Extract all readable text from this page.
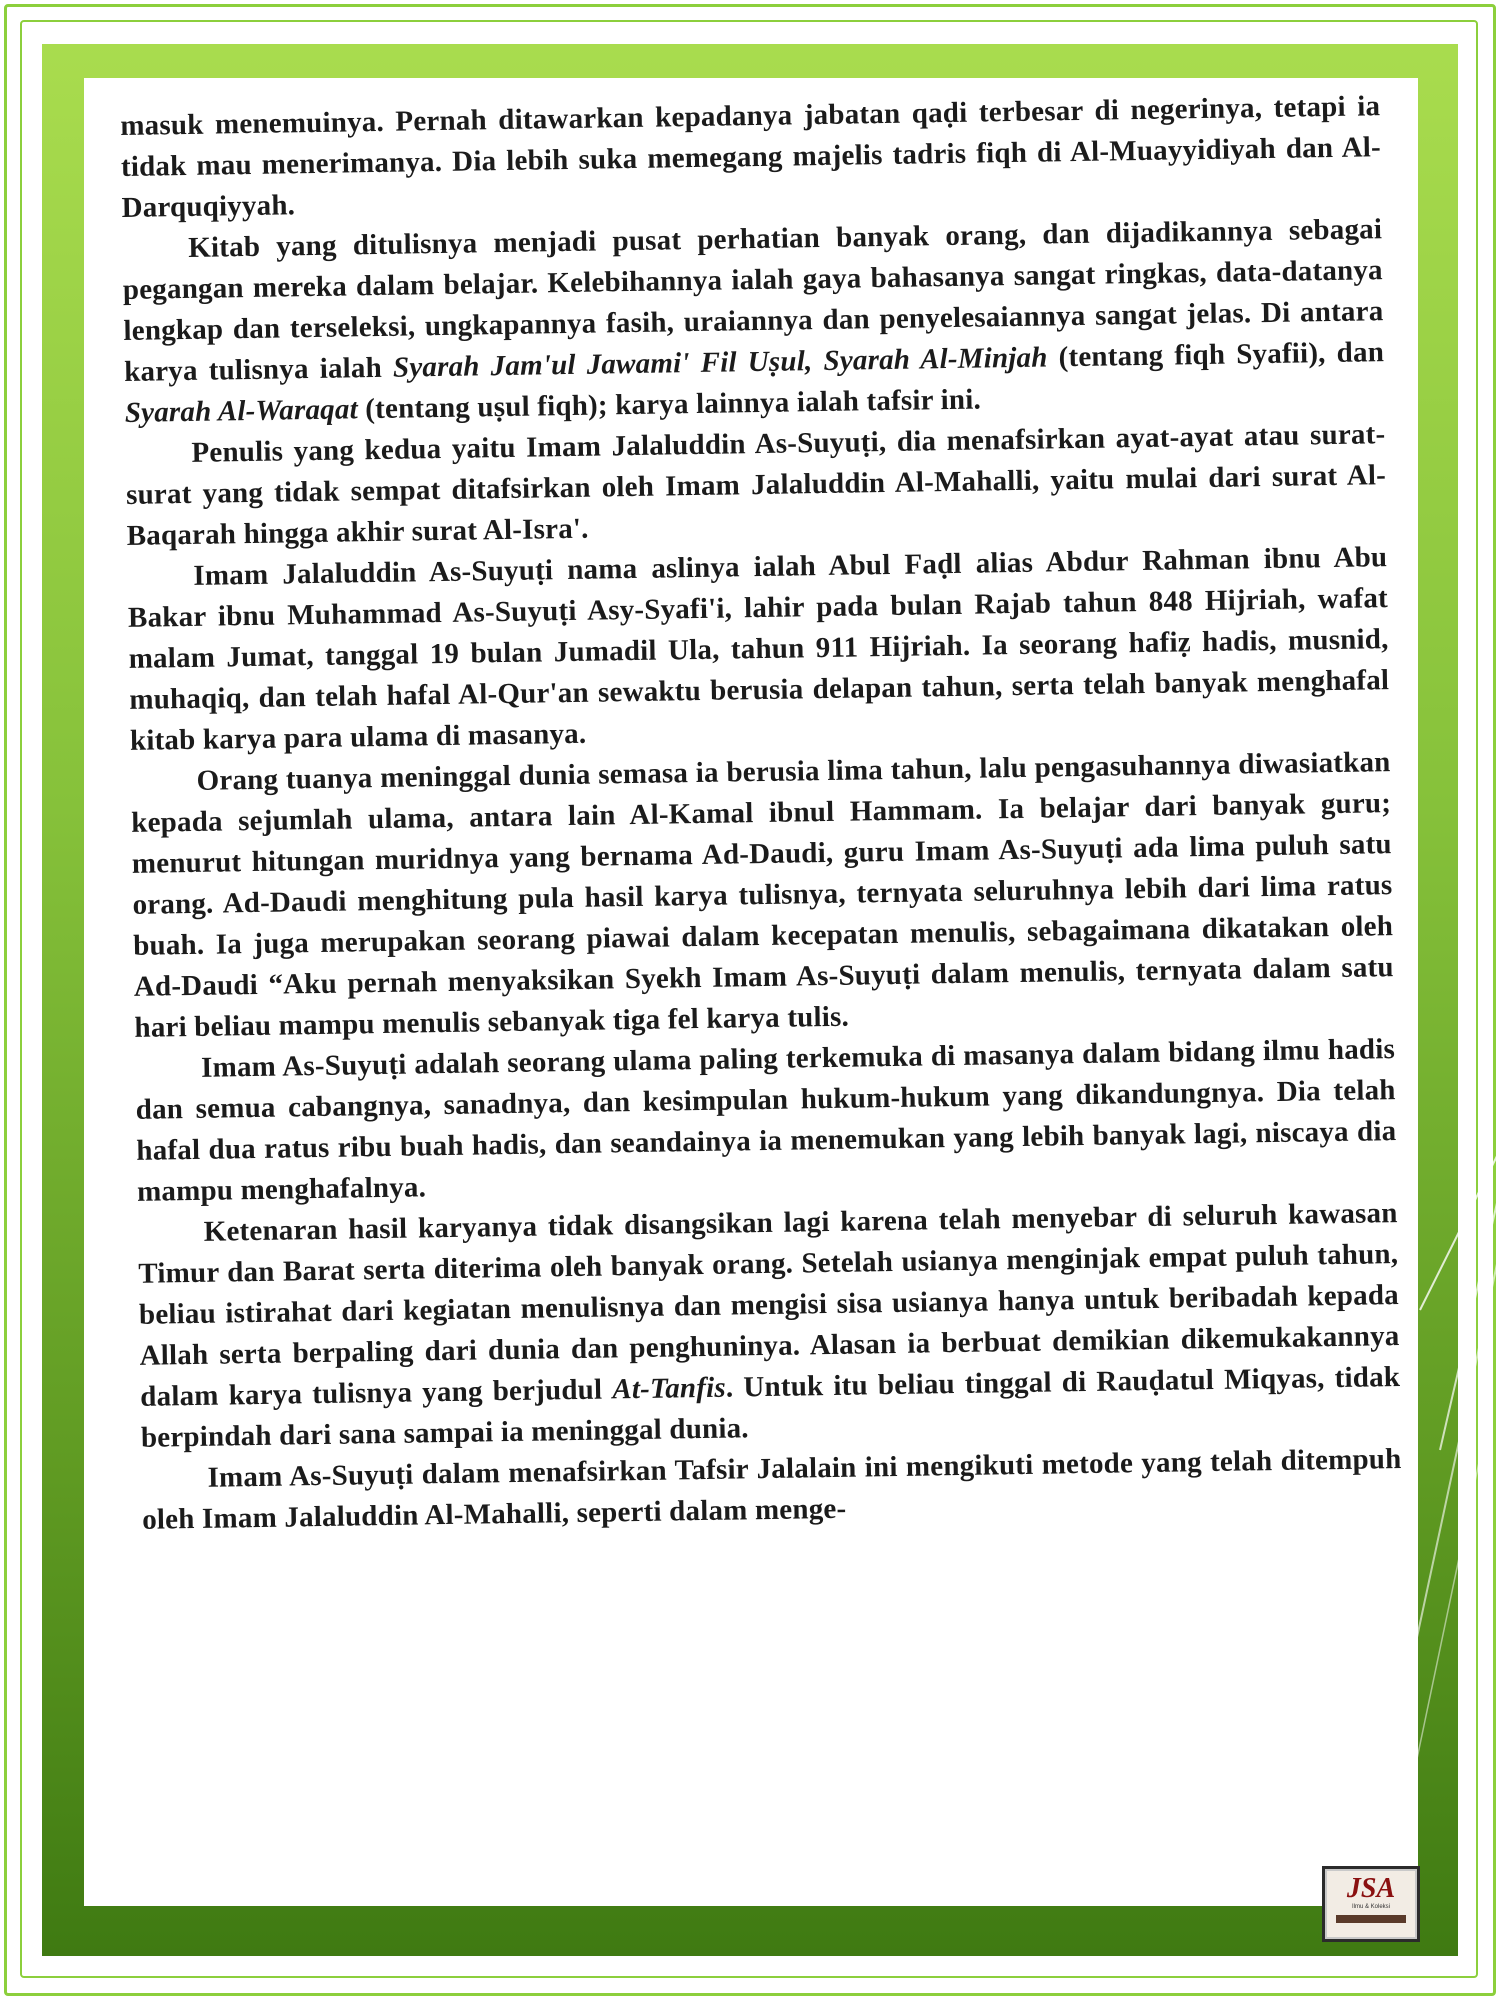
masuk menemuinya. Pernah ditawarkan kepadanya jabatan qaḍi terbesar di negerinya, tetapi ia tidak mau menerimanya. Dia lebih suka memegang majelis tadris fiqh di Al-Muayyidiyah dan Al-Darquqiyyah.

Kitab yang ditulisnya menjadi pusat perhatian banyak orang, dan dijadikannya sebagai pegangan mereka dalam belajar. Kelebihannya ialah gaya bahasanya sangat ringkas, data-datanya lengkap dan terseleksi, ungkapannya fasih, uraiannya dan penyelesaiannya sangat jelas. Di antara karya tulisnya ialah Syarah Jam'ul Jawami' Fil Uṣul, Syarah Al-Minjah (tentang fiqh Syafii), dan Syarah Al-Waraqat (tentang uṣul fiqh); karya lainnya ialah tafsir ini.

Penulis yang kedua yaitu Imam Jalaluddin As-Suyuṭi, dia menafsirkan ayat-ayat atau surat-surat yang tidak sempat ditafsirkan oleh Imam Jalaluddin Al-Mahalli, yaitu mulai dari surat Al-Baqarah hingga akhir surat Al-Isra'.

Imam Jalaluddin As-Suyuṭi nama aslinya ialah Abul Faḍl alias Abdur Rahman ibnu Abu Bakar ibnu Muhammad As-Suyuṭi Asy-Syafi'i, lahir pada bulan Rajab tahun 848 Hijriah, wafat malam Jumat, tanggal 19 bulan Jumadil Ula, tahun 911 Hijriah. Ia seorang hafiẓ hadis, musnid, muhaqiq, dan telah hafal Al-Qur'an sewaktu berusia delapan tahun, serta telah banyak menghafal kitab karya para ulama di masanya.

Orang tuanya meninggal dunia semasa ia berusia lima tahun, lalu pengasuhannya diwasiatkan kepada sejumlah ulama, antara lain Al-Kamal ibnul Hammam. Ia belajar dari banyak guru; menurut hitungan muridnya yang bernama Ad-Daudi, guru Imam As-Suyuṭi ada lima puluh satu orang. Ad-Daudi menghitung pula hasil karya tulisnya, ternyata seluruhnya lebih dari lima ratus buah. Ia juga merupakan seorang piawai dalam kecepatan menulis, sebagaimana dikatakan oleh Ad-Daudi “Aku pernah menyaksikan Syekh Imam As-Suyuṭi dalam menulis, ternyata dalam satu hari beliau mampu menulis sebanyak tiga fel karya tulis.

Imam As-Suyuṭi adalah seorang ulama paling terkemuka di masanya dalam bidang ilmu hadis dan semua cabangnya, sanadnya, dan kesimpulan hukum-hukum yang dikandungnya. Dia telah hafal dua ratus ribu buah hadis, dan seandainya ia menemukan yang lebih banyak lagi, niscaya dia mampu menghafalnya.

Ketenaran hasil karyanya tidak disangsikan lagi karena telah menyebar di seluruh kawasan Timur dan Barat serta diterima oleh banyak orang. Setelah usianya menginjak empat puluh tahun, beliau istirahat dari kegiatan menulisnya dan mengisi sisa usianya hanya untuk beribadah kepada Allah serta berpaling dari dunia dan penghuninya. Alasan ia berbuat demikian dikemukakannya dalam karya tulisnya yang berjudul At-Tanfis. Untuk itu beliau tinggal di Rauḍatul Miqyas, tidak berpindah dari sana sampai ia meninggal dunia.

Imam As-Suyuṭi dalam menafsirkan Tafsir Jalalain ini mengikuti metode yang telah ditempuh oleh Imam Jalaluddin Al-Mahalli, seperti dalam menge-

JSA
Ilmu & Koleksi
